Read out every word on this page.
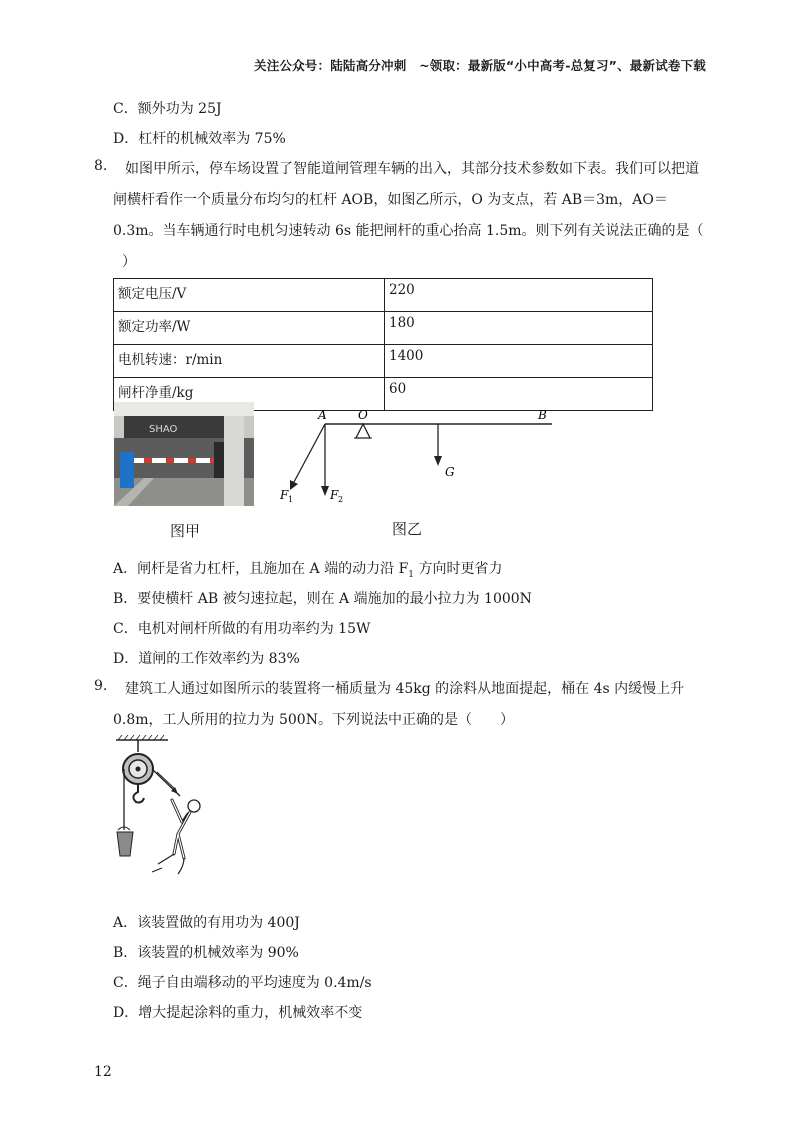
关注公众号：陆陆高分冲刺　~领取：最新版“小中高考-总复习”、最新试卷下载
C．额外功为 25J
D．杠杆的机械效率为 75%
8. 如图甲所示，停车场设置了智能道闸管理车辆的出入，其部分技术参数如下表。我们可以把道
闸横杆看作一个质量分布均匀的杠杆 AOB，如图乙所示，O 为支点，若 AB＝3m，AO＝
0.3m。当车辆通行时电机匀速转动 6s 能把闸杆的重心抬高 1.5m。则下列有关说法正确的是（
）
额定电压/V	220
额定功率/W	180
电机转速：r/min	1400
闸杆净重/kg	60
SHAO
A	O	B
G
F 1	F 2
图甲	图乙
A．闸杆是省力杠杆，且施加在 A 端的动力沿 $F_1$ 方向时更省力
B．要使横杆 AB 被匀速拉起，则在 A 端施加的最小拉力为 1000N
C．电机对闸杆所做的有用功率约为 15W
D．道闸的工作效率约为 83%
9. 建筑工人通过如图所示的装置将一桶质量为 45kg 的涂料从地面提起，桶在 4s 内缓慢上升
0.8m，工人所用的拉力为 500N。下列说法中正确的是（　　）
A．该装置做的有用功为 400J
B．该装置的机械效率为 90%
C．绳子自由端移动的平均速度为 0.4m/s
D．增大提起涂料的重力，机械效率不变
12
